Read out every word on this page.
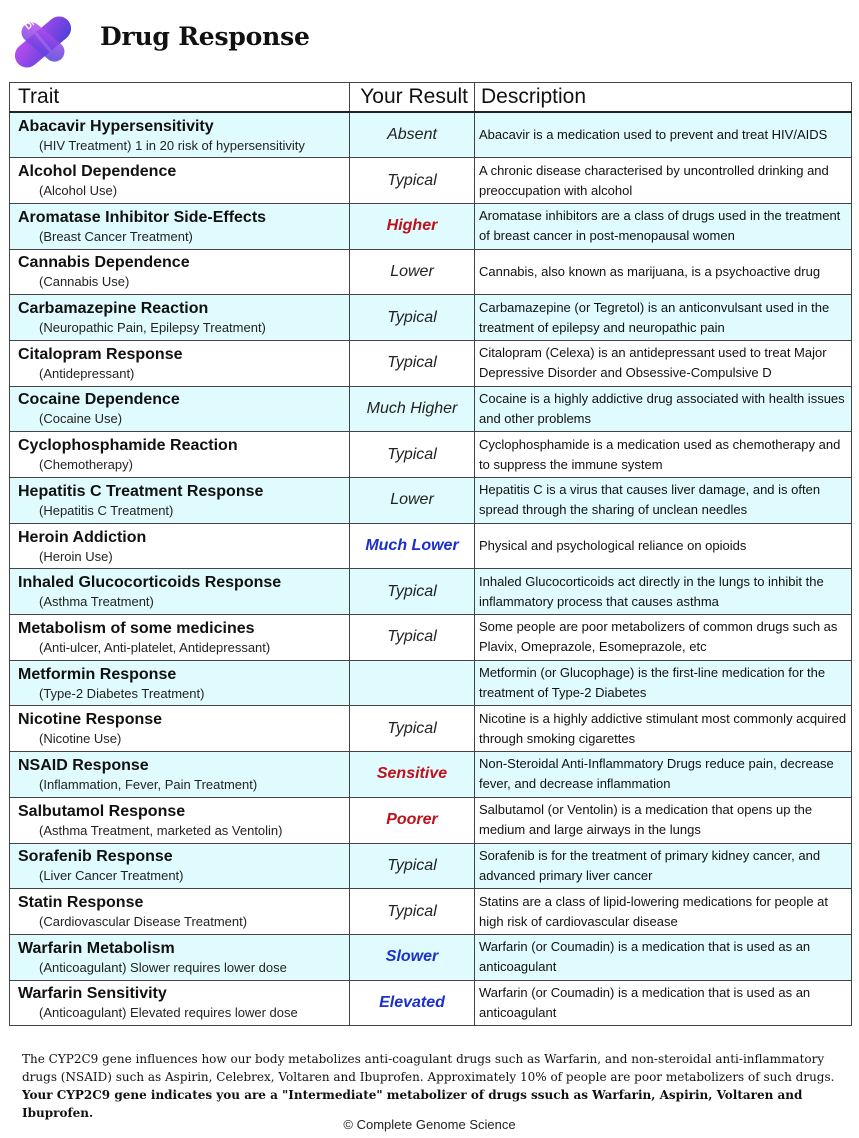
DNA
Drug Response
Trait	Your Result	Description

Abacavir Hypersensitivity
(HIV Treatment) 1 in 20 risk of hypersensitivity	Absent	Abacavir is a medication used to prevent and treat HIV/AIDS

Alcohol Dependence
(Alcohol Use)	Typical	A chronic disease characterised by uncontrolled drinking and preoccupation with alcohol

Aromatase Inhibitor Side-Effects
(Breast Cancer Treatment)	Higher	Aromatase inhibitors are a class of drugs used in the treatment of breast cancer in post-menopausal women

Cannabis Dependence
(Cannabis Use)	Lower	Cannabis, also known as marijuana, is a psychoactive drug

Carbamazepine Reaction
(Neuropathic Pain, Epilepsy Treatment)	Typical	Carbamazepine (or Tegretol) is an anticonvulsant used in the treatment of epilepsy and neuropathic pain

Citalopram Response
(Antidepressant)	Typical	Citalopram (Celexa) is an antidepressant used to treat Major Depressive Disorder and Obsessive-Compulsive D

Cocaine Dependence
(Cocaine Use)	Much Higher	Cocaine is a highly addictive drug associated with health issues and other problems

Cyclophosphamide Reaction
(Chemotherapy)	Typical	Cyclophosphamide is a medication used as chemotherapy and to suppress the immune system

Hepatitis C Treatment Response
(Hepatitis C Treatment)	Lower	Hepatitis C is a virus that causes liver damage, and is often spread through the sharing of unclean needles

Heroin Addiction
(Heroin Use)	Much Lower	Physical and psychological reliance on opioids

Inhaled Glucocorticoids Response
(Asthma Treatment)	Typical	Inhaled Glucocorticoids act directly in the lungs to inhibit the inflammatory process that causes asthma

Metabolism of some medicines
(Anti-ulcer, Anti-platelet, Antidepressant)	Typical	Some people are poor metabolizers of common drugs such as Plavix, Omeprazole, Esomeprazole, etc

Metformin Response
(Type-2 Diabetes Treatment)		Metformin (or Glucophage) is the first-line medication for the treatment of Type-2 Diabetes

Nicotine Response
(Nicotine Use)	Typical	Nicotine is a highly addictive stimulant most commonly acquired through smoking cigarettes

NSAID Response
(Inflammation, Fever, Pain Treatment)	Sensitive	Non-Steroidal Anti-Inflammatory Drugs reduce pain, decrease fever, and decrease inflammation

Salbutamol Response
(Asthma Treatment, marketed as Ventolin)	Poorer	Salbutamol (or Ventolin) is a medication that opens up the medium and large airways in the lungs

Sorafenib Response
(Liver Cancer Treatment)	Typical	Sorafenib is for the treatment of primary kidney cancer, and advanced primary liver cancer

Statin Response
(Cardiovascular Disease Treatment)	Typical	Statins are a class of lipid-lowering medications for people at high risk of cardiovascular disease

Warfarin Metabolism
(Anticoagulant) Slower requires lower dose	Slower	Warfarin (or Coumadin) is a medication that is used as an anticoagulant

Warfarin Sensitivity
(Anticoagulant) Elevated requires lower dose	Elevated	Warfarin (or Coumadin) is a medication that is used as an anticoagulant
The CYP2C9 gene influences how our body metabolizes anti-coagulant drugs such as Warfarin, and non-steroidal anti-inflammatory drugs (NSAID) such as Aspirin, Celebrex, Voltaren and Ibuprofen. Approximately 10% of people are poor metabolizers of such drugs.
Your CYP2C9 gene indicates you are a "Intermediate" metabolizer of drugs ssuch as Warfarin, Aspirin, Voltaren and Ibuprofen.
© Complete Genome Science
